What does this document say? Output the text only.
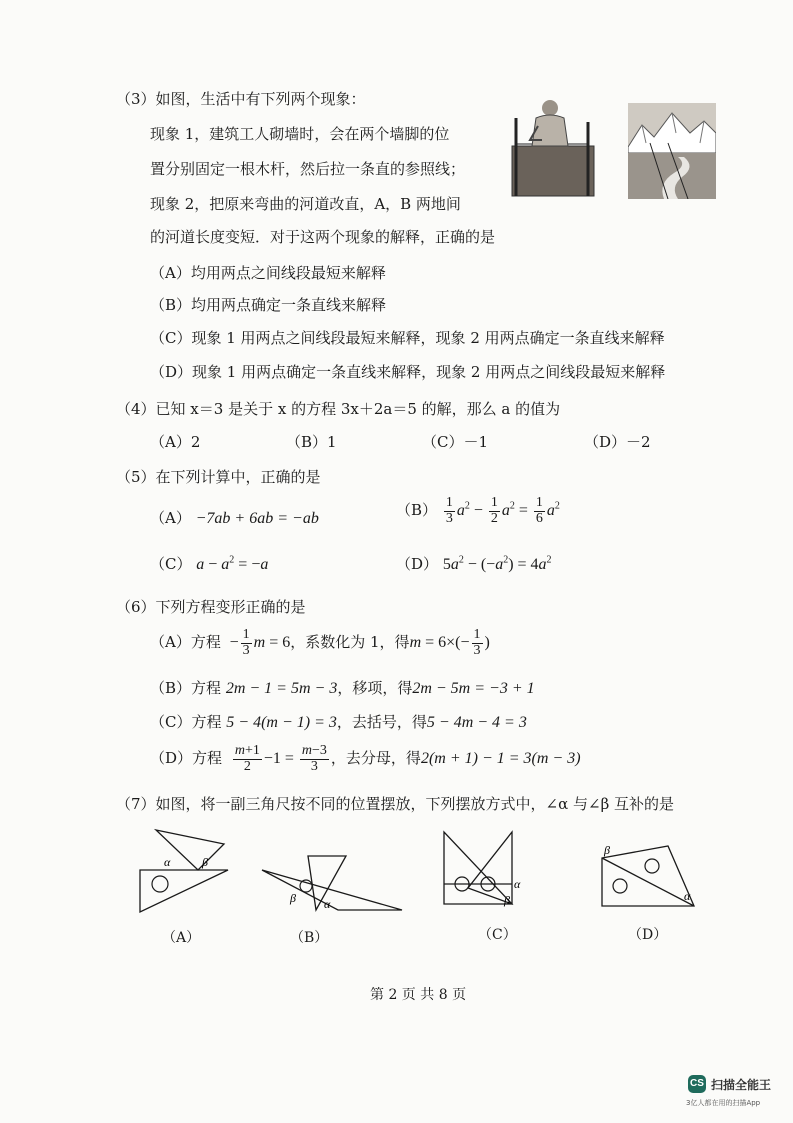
（3）如图，生活中有下列两个现象：
现象 1，建筑工人砌墙时，会在两个墙脚的位
置分别固定一根木杆，然后拉一条直的参照线；
现象 2，把原来弯曲的河道改直，A，B 两地间
的河道长度变短．对于这两个现象的解释，正确的是
（A）均用两点之间线段最短来解释
（B）均用两点确定一条直线来解释
（C）现象 1 用两点之间线段最短来解释，现象 2 用两点确定一条直线来解释
（D）现象 1 用两点确定一条直线来解释，现象 2 用两点之间线段最短来解释
（4）已知 x＝3 是关于 x 的方程 3x＋2a＝5 的解，那么 a 的值为
（A）2	（B）1	（C）－1	（D）－2
（5）在下列计算中，正确的是
（A） −7ab + 6ab = −ab	$(B) \frac{1}{3} a^2 - \frac{1}{2} a^2 = \frac{1}{6} a^2$
（C） $a - a^2 = -a$	（D） $5a^2 - (-a^2) = 4a^2$
（6）下列方程变形正确的是
（A）方程  − $\frac{1}{3}$ m = 6，系数化为 1，得$m = 6\times(- \frac{1}{3}$ )
（B）方程 2m − 1 = 5m − 3，移项，得2m − 5m = −3 + 1
（C）方程 5 − 4(m − 1) = 3，去括号，得5 − 4m − 4 = 3
（D）方程 $\frac{m+1}{2} -1 = \frac{m-3}{3}$ ，去分母，得2(m + 1) − 1 = 3(m − 3)
（7）如图，将一副三角尺按不同的位置摆放，下列摆放方式中，∠α 与∠β 互补的是
α	β
（A）
β α
（B）
α
β
（C）
β
α
（D）
第 2 页 共 8 页
CS 扫描全能王
3亿人都在用的扫描App
